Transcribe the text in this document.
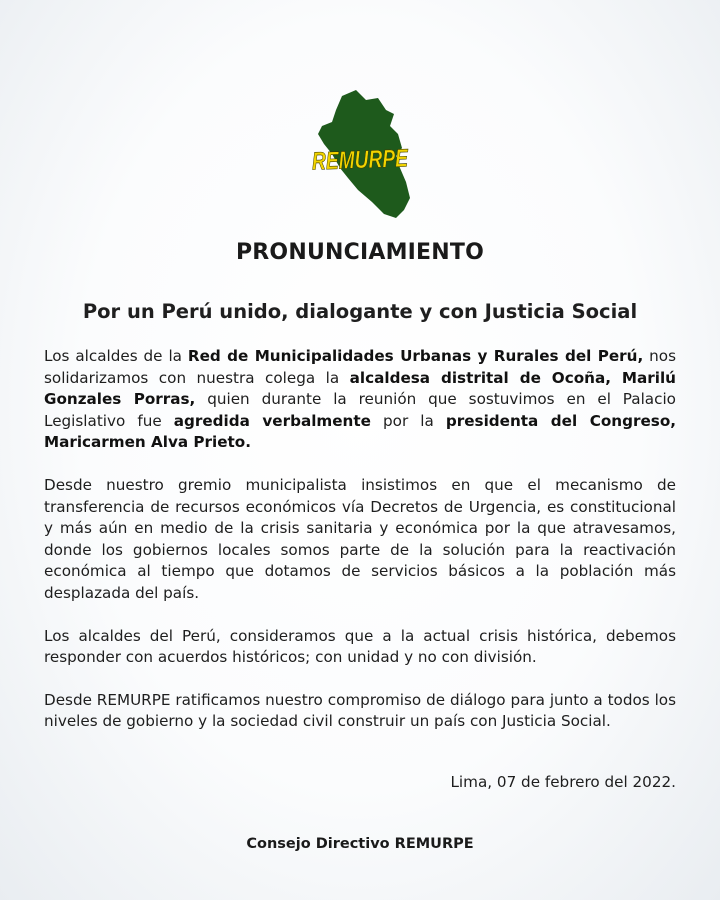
REMURPE
PRONUNCIAMIENTO
Por un Perú unido, dialogante y con Justicia Social

Los alcaldes de la Red de Municipalidades Urbanas y Rurales del Perú, nos solidarizamos con nuestra colega la alcaldesa distrital de Ocoña, Marilú Gonzales Porras, quien durante la reunión que sostuvimos en el Palacio Legislativo fue agredida verbalmente por la presidenta del Congreso, Maricarmen Alva Prieto.

Desde nuestro gremio municipalista insistimos en que el mecanismo de transferencia de recursos económicos vía Decretos de Urgencia, es constitucional y más aún en medio de la crisis sanitaria y económica por la que atravesamos, donde los gobiernos locales somos parte de la solución para la reactivación económica al tiempo que dotamos de servicios básicos a la población más desplazada del país.

Los alcaldes del Perú, consideramos que a la actual crisis histórica, debemos responder con acuerdos históricos; con unidad y no con división.

Desde REMURPE ratificamos nuestro compromiso de diálogo para junto a todos los niveles de gobierno y la sociedad civil construir un país con Justicia Social.

Lima, 07 de febrero del 2022.
Consejo Directivo REMURPE
